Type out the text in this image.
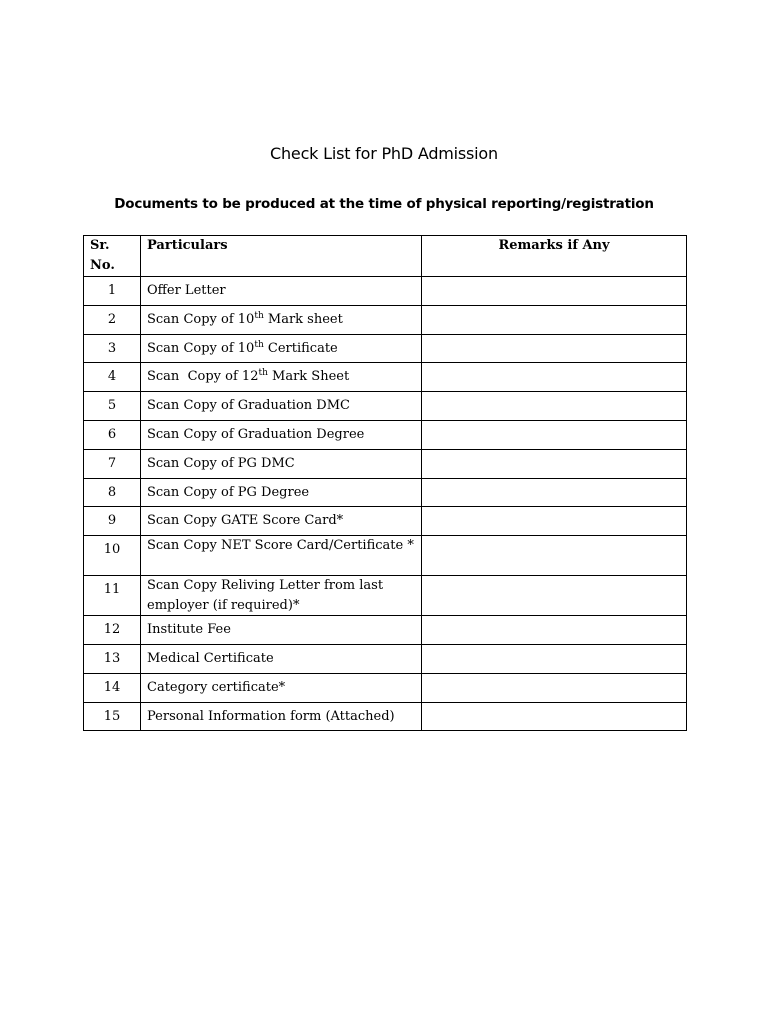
Check List for PhD Admission
Documents to be produced at the time of physical reporting/registration
Sr. No.	Particulars	Remarks if Any
1	Offer Letter	
2	Scan Copy of 10th Mark sheet	
3	Scan Copy of 10th Certificate	
4	Scan  Copy of 12th Mark Sheet	
5	Scan Copy of Graduation DMC	
6	Scan Copy of Graduation Degree	
7	Scan Copy of PG DMC	
8	Scan Copy of PG Degree	
9	Scan Copy GATE Score Card*	
10	Scan Copy NET Score Card/Certificate *	
11	Scan Copy Reliving Letter from last employer (if required)*	
12	Institute Fee	
13	Medical Certificate	
14	Category certificate*	
15	Personal Information form (Attached)	
